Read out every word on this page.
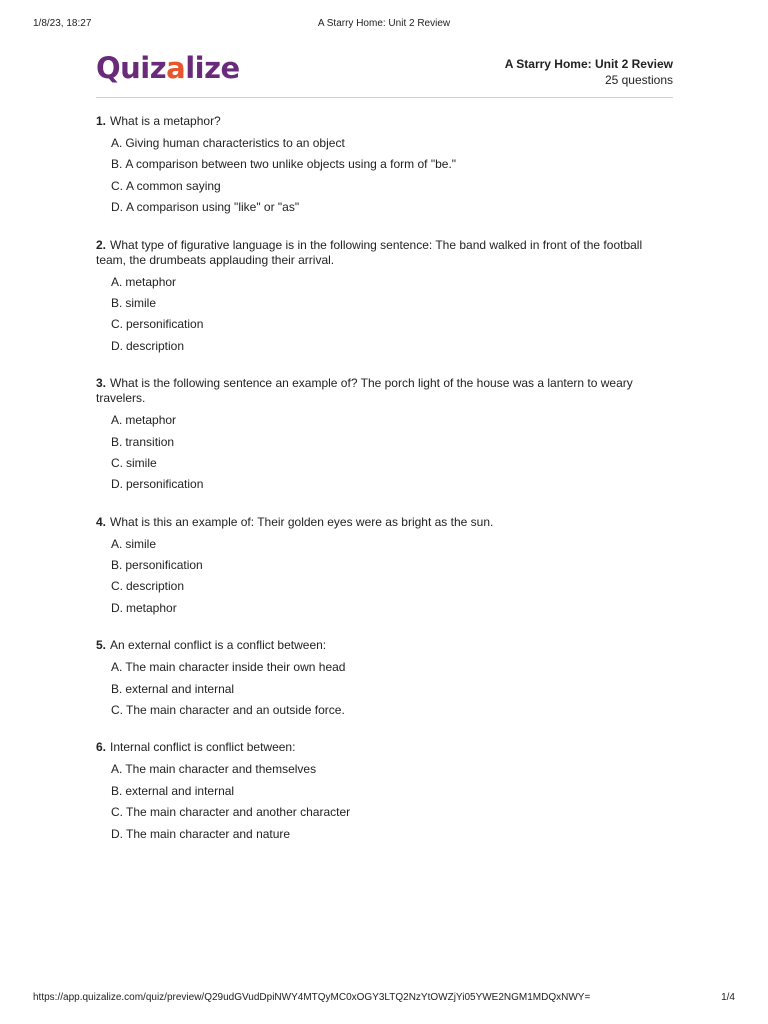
1/8/23, 18:27	A Starry Home: Unit 2 Review
Quizalize	A Starry Home: Unit 2 Review
25 questions

1. What is a metaphor?

A. Giving human characteristics to an object
B. A comparison between two unlike objects using a form of "be."
C. A common saying
D. A comparison using "like" or "as"

2. What type of figurative language is in the following sentence: The band walked in front of the football team, the drumbeats applauding their arrival.

A. metaphor
B. simile
C. personification
D. description

3. What is the following sentence an example of? The porch light of the house was a lantern to weary travelers.

A. metaphor
B. transition
C. simile
D. personification

4. What is this an example of: Their golden eyes were as bright as the sun.

A. simile
B. personification
C. description
D. metaphor

5. An external conflict is a conflict between:

A. The main character inside their own head
B. external and internal
C. The main character and an outside force.

6. Internal conflict is conflict between:

A. The main character and themselves
B. external and internal
C. The main character and another character
D. The main character and nature
https://app.quizalize.com/quiz/preview/Q29udGVudDpiNWY4MTQyMC0xOGY3LTQ2NzYtOWZjYi05YWE2NGM1MDQxNWY=	1/4
